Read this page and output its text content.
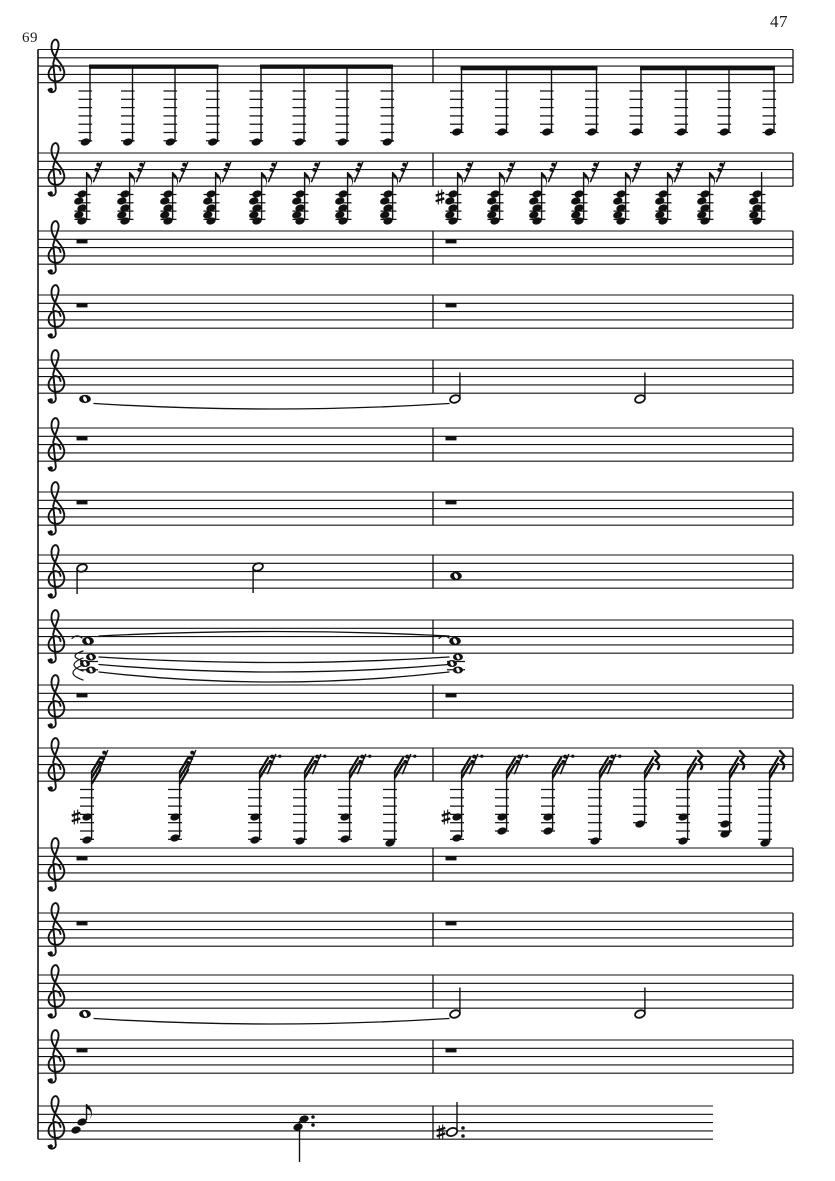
69
47
